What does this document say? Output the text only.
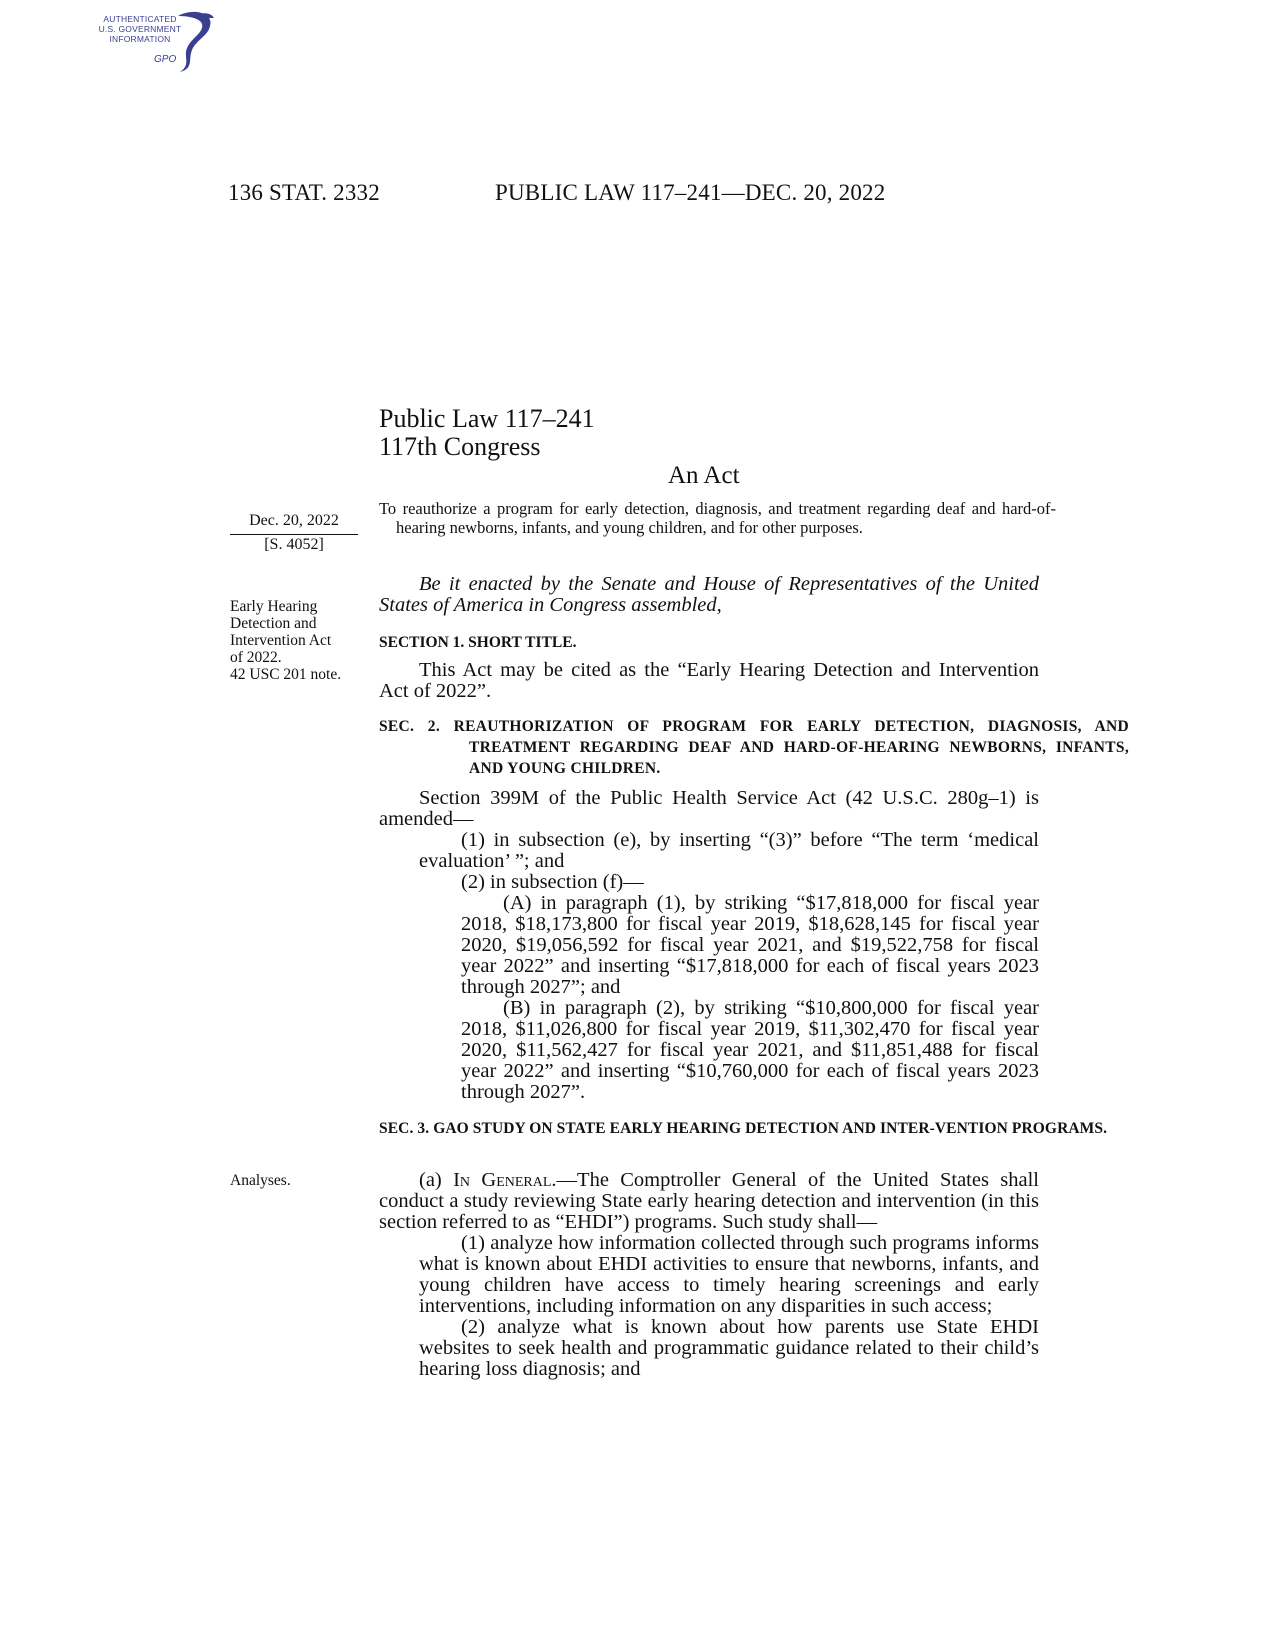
AUTHENTICATED
U.S. GOVERNMENT
INFORMATION
GPO
136 STAT. 2332	PUBLIC LAW 117–241—DEC. 20, 2022
Public Law 117–241
117th Congress
An Act
To reauthorize a program for early detection, diagnosis, and treatment regarding deaf and hard-of-hearing newborns, infants, and young children, and for other purposes.
Dec. 20, 2022
[S. 4052]
Early Hearing
Detection and
Intervention Act
of 2022.
42 USC 201 note.
Analyses.
Be it enacted by the Senate and House of Representatives of the United States of America in Congress assembled,
SECTION 1. SHORT TITLE.
This Act may be cited as the “Early Hearing Detection and Intervention Act of 2022”.
SEC. 2. REAUTHORIZATION OF PROGRAM FOR EARLY DETECTION, DIAGNOSIS, AND TREATMENT REGARDING DEAF AND HARD-OF-HEARING NEWBORNS, INFANTS, AND YOUNG CHILDREN.

Section 399M of the Public Health Service Act (42 U.S.C. 280g–1) is amended—

(1) in subsection (e), by inserting “(3)” before “The term ‘medical evaluation’ ”; and

(2) in subsection (f)—

(A) in paragraph (1), by striking “$17,818,000 for fiscal year 2018, $18,173,800 for fiscal year 2019, $18,628,145 for fiscal year 2020, $19,056,592 for fiscal year 2021, and $19,522,758 for fiscal year 2022” and inserting “$17,818,000 for each of fiscal years 2023 through 2027”; and

(B) in paragraph (2), by striking “$10,800,000 for fiscal year 2018, $11,026,800 for fiscal year 2019, $11,302,470 for fiscal year 2020, $11,562,427 for fiscal year 2021, and $11,851,488 for fiscal year 2022” and inserting “$10,760,000 for each of fiscal years 2023 through 2027”.

SEC. 3. GAO STUDY ON STATE EARLY HEARING DETECTION AND INTER-VENTION PROGRAMS.

(a) In General.—The Comptroller General of the United States shall conduct a study reviewing State early hearing detection and intervention (in this section referred to as “EHDI”) programs. Such study shall—

(1) analyze how information collected through such programs informs what is known about EHDI activities to ensure that newborns, infants, and young children have access to timely hearing screenings and early interventions, including information on any disparities in such access;

(2) analyze what is known about how parents use State EHDI websites to seek health and programmatic guidance related to their child’s hearing loss diagnosis; and
